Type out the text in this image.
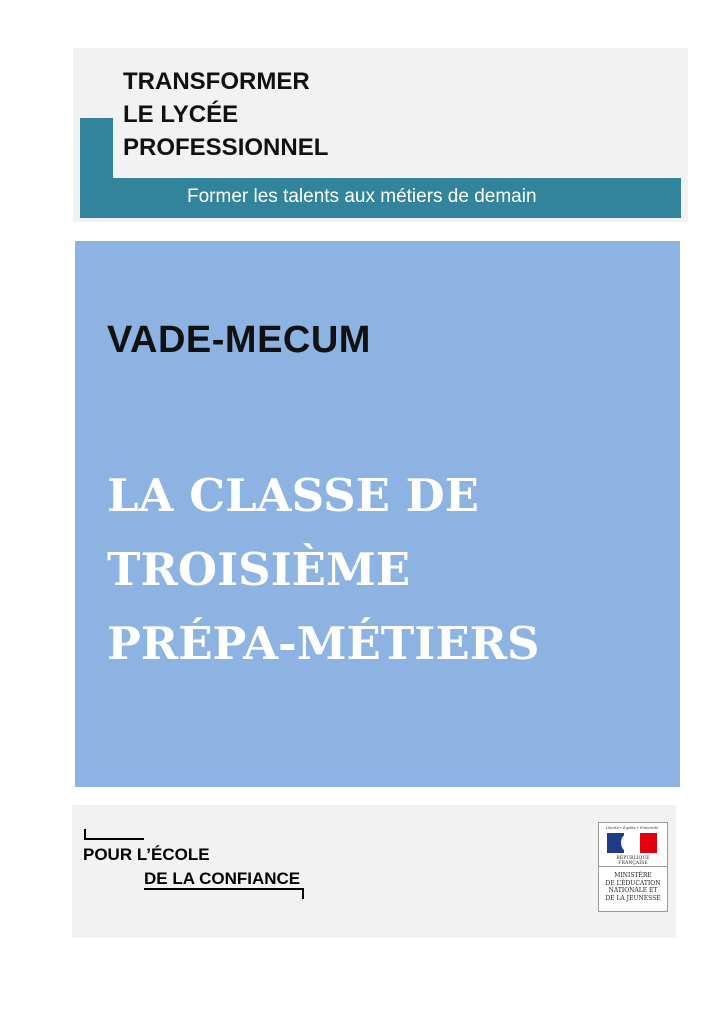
TRANSFORMER
LE LYCÉE
PROFESSIONNEL
Former les talents aux métiers de demain
VADE-MECUM
LA CLASSE DE
TROISIÈME
PRÉPA-MÉTIERS
POUR L’ÉCOLE
DE LA CONFIANCE
Liberté • Égalité • Fraternité
RÉPUBLIQUE FRANÇAISE
MINISTÈRE
DE L’ÉDUCATION
NATIONALE ET
DE LA JEUNESSE
